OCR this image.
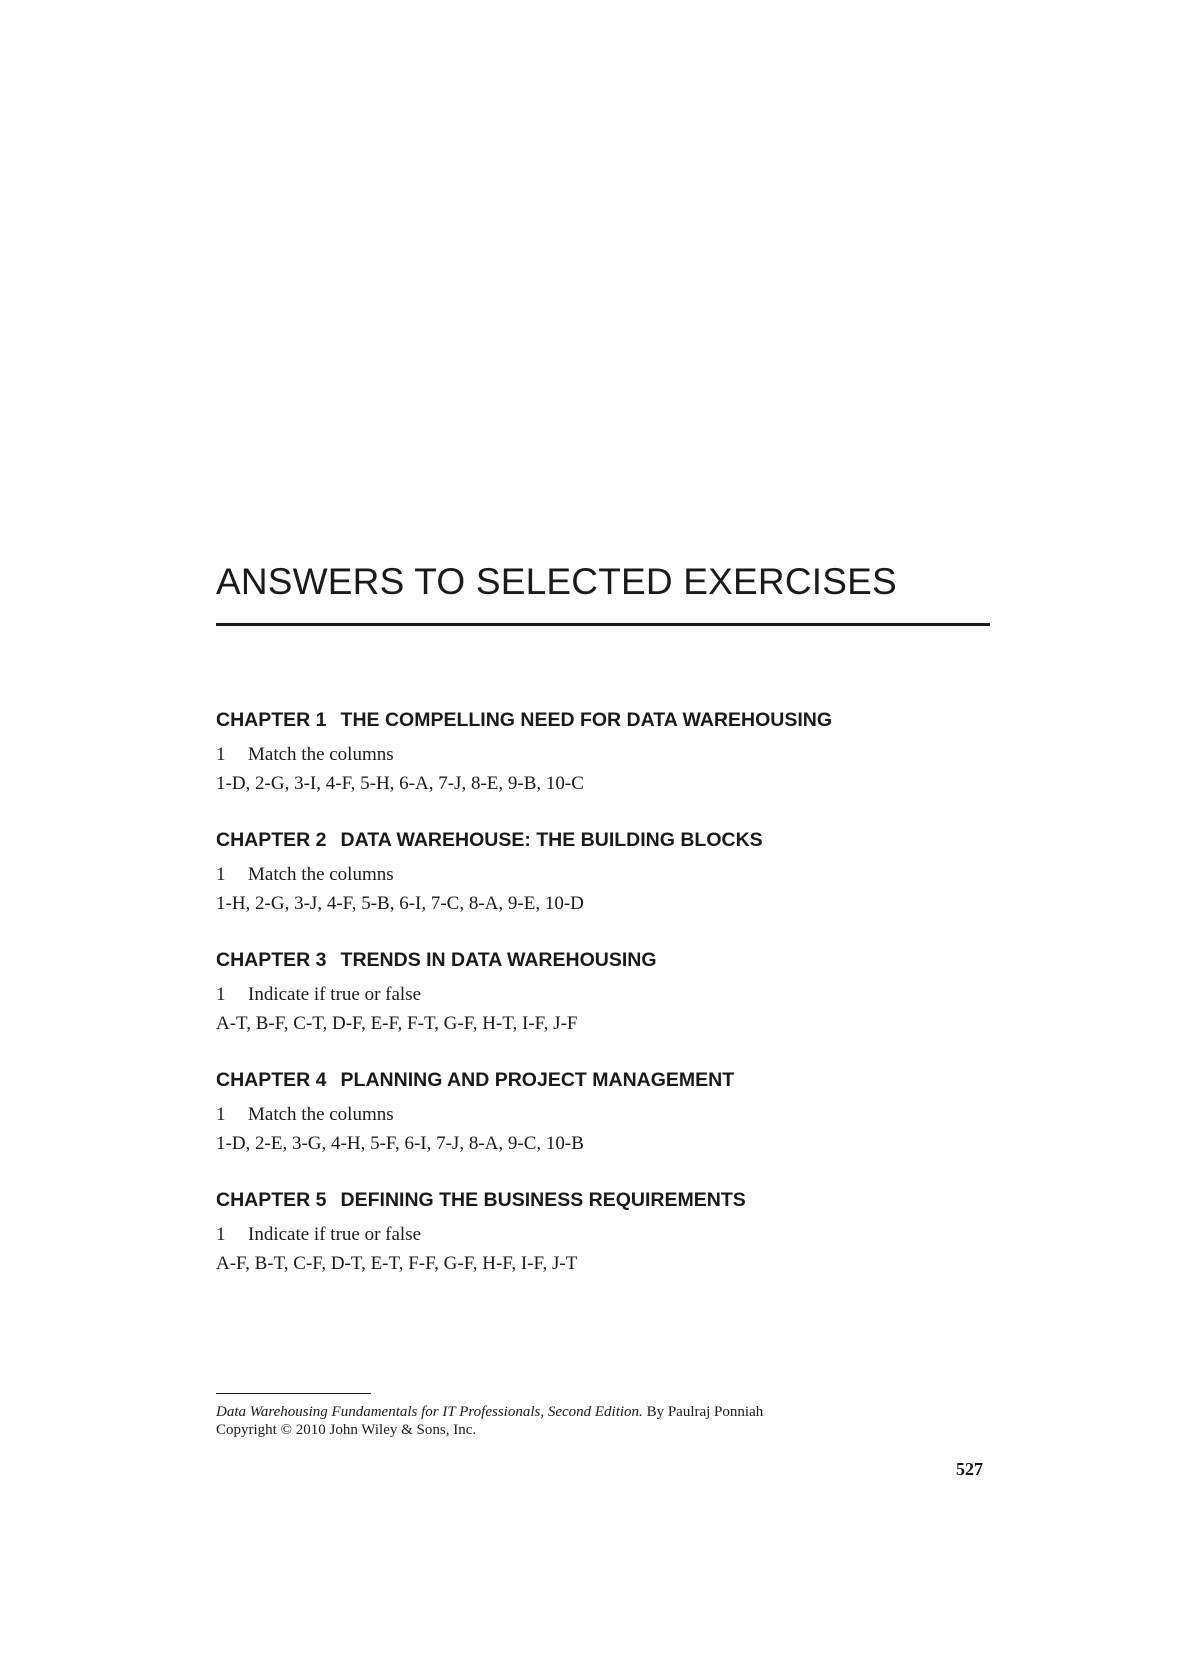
ANSWERS TO SELECTED EXERCISES
CHAPTER 1 THE COMPELLING NEED FOR DATA WAREHOUSING
1 Match the columns
1-D, 2-G, 3-I, 4-F, 5-H, 6-A, 7-J, 8-E, 9-B, 10-C
CHAPTER 2 DATA WAREHOUSE: THE BUILDING BLOCKS
1 Match the columns
1-H, 2-G, 3-J, 4-F, 5-B, 6-I, 7-C, 8-A, 9-E, 10-D
CHAPTER 3 TRENDS IN DATA WAREHOUSING
1 Indicate if true or false
A-T, B-F, C-T, D-F, E-F, F-T, G-F, H-T, I-F, J-F
CHAPTER 4 PLANNING AND PROJECT MANAGEMENT
1 Match the columns
1-D, 2-E, 3-G, 4-H, 5-F, 6-I, 7-J, 8-A, 9-C, 10-B
CHAPTER 5 DEFINING THE BUSINESS REQUIREMENTS
1 Indicate if true or false
A-F, B-T, C-F, D-T, E-T, F-F, G-F, H-F, I-F, J-T
Data Warehousing Fundamentals for IT Professionals, Second Edition. By Paulraj Ponniah
Copyright © 2010 John Wiley & Sons, Inc.
527
